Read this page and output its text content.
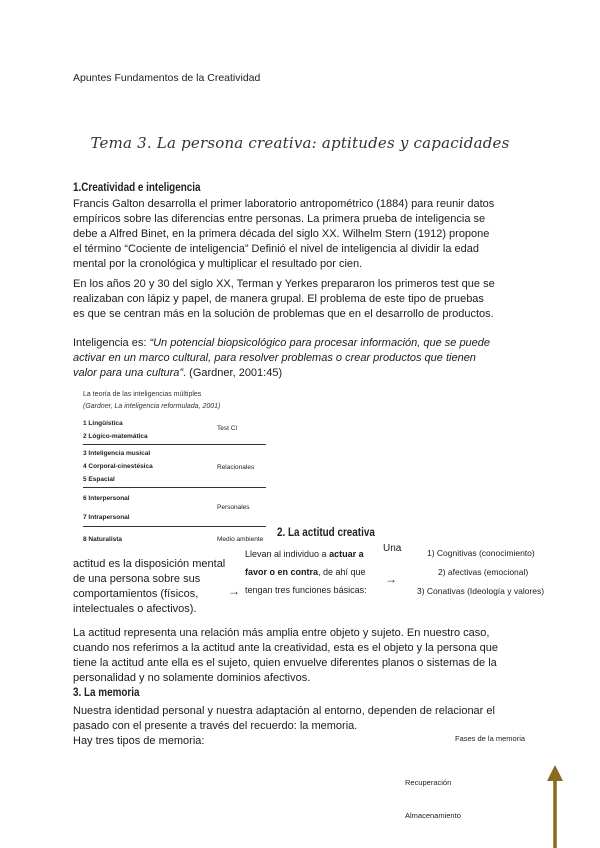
Apuntes Fundamentos de la Creatividad
Tema 3. La persona creativa: aptitudes y capacidades
1.Creatividad e inteligencia
Francis Galton desarrolla el primer laboratorio antropométrico (1884) para reunir datos empíricos sobre las diferencias entre personas. La primera prueba de inteligencia se debe a Alfred Binet, en la primera década del siglo XX. Wilhelm Stern (1912) propone el término “Cociente de inteligencia” Definió el nivel de inteligencia al dividir la edad mental por la cronológica y multiplicar el resultado por cien.
En los años 20 y 30 del siglo XX, Terman y Yerkes prepararon los primeros test que se realizaban con lápiz y papel, de manera grupal. El problema de este tipo de pruebas es que se centran más en la solución de problemas que en el desarrollo de productos.
Inteligencia es: “Un potencial biopsicológico para procesar información, que se puede activar en un marco cultural, para resolver problemas o crear productos que tienen valor para una cultura”. (Gardner, 2001:45)
La teoría de las inteligencias múltiples
(Gardner, La inteligencia reformulada, 2001)
1 Lingüística
2 Lógico-matemática
Test CI
3 Inteligencia musical
4 Corporal-cinestésica
5 Espacial
Relacionales
6 Interpersonal
7 Intrapersonal
Personales
8 Naturalista	Medio ambiente
2. La actitud creativa
actitud es la disposición mental de una persona sobre sus comportamientos (físicos, intelectuales o afectivos).
→
Llevan al individuo a actuar a
favor o en contra, de ahí que
tengan tres funciones básicas:
Una
→
1) Cognitivas (conocimiento)
2) afectivas (emocional)
3) Conativas (Ideología y valores)
La actitud representa una relación más amplia entre objeto y sujeto. En nuestro caso, cuando nos referimos a la actitud ante la creatividad, esta es el objeto y la persona que tiene la actitud ante ella es el sujeto, quien envuelve diferentes planos o sistemas de la personalidad y no solamente dominios afectivos.
3. La memoria
Nuestra identidad personal y nuestra adaptación al entorno, dependen de relacionar el pasado con el presente a través del recuerdo: la memoria.
Hay tres tipos de memoria:	Fases de la memoria
Recuperación
Almacenamiento
